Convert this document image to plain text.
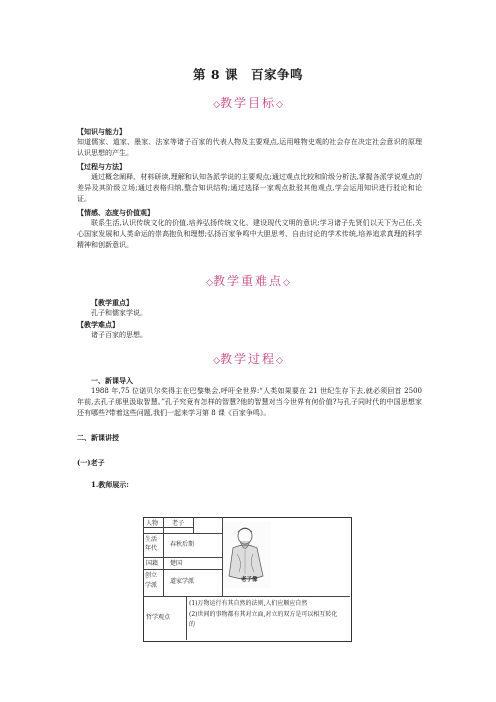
第 8 课　百家争鸣
◇教学目标◇
【知识与能力】
知道儒家、道家、墨家、法家等诸子百家的代表人物及主要观点,运用唯物史观的社会存在决定社会意识的原理认识思想的产生。
【过程与方法】
通过概念阐释、材料研读,理解和认知各派学说的主要观点;通过观点比较和阶级分析法,掌握各派学说观点的差异及其阶级立场;通过表格归纳,整合知识结构;通过选择一家观点批驳其他观点,学会运用知识进行驳论和论证。
【情感、态度与价值观】
联系生活,认识传统文化的价值,培养弘扬传统文化、建设现代文明的意识;学习诸子先贤们以天下为己任,关心国家发展和人类命运的崇高抱负和理想;弘扬百家争鸣中大胆思考、自由讨论的学术传统,培养追求真理的科学精神和创新意识。
◇教学重难点◇
【教学重点】
孔子和儒家学说。
【教学难点】
诸子百家的思想。
◇教学过程◇
一、新课导入
1988 年,75 位诺贝尔奖得主在巴黎集会,呼吁全世界:“人类如果要在 21 世纪生存下去,就必须回首 2500 年前,去孔子那里汲取智慧。”孔子究竟有怎样的智慧?他的智慧对当今世界有何价值?与孔子同时代的中国思想家还有哪些?带着这些问题,我们一起来学习第 8 课《百家争鸣》。
二、新课讲授
(一)老子
1.教师展示:
人物 老子
生活年代
春秋后期
国籍 楚国
创立学派
道家学派
哲学观点
(1)万物运行有其自然的法则,人们应顺应自然
(2)世间的事物都有其对立面,对立的双方是可以相互转化的
老子像
